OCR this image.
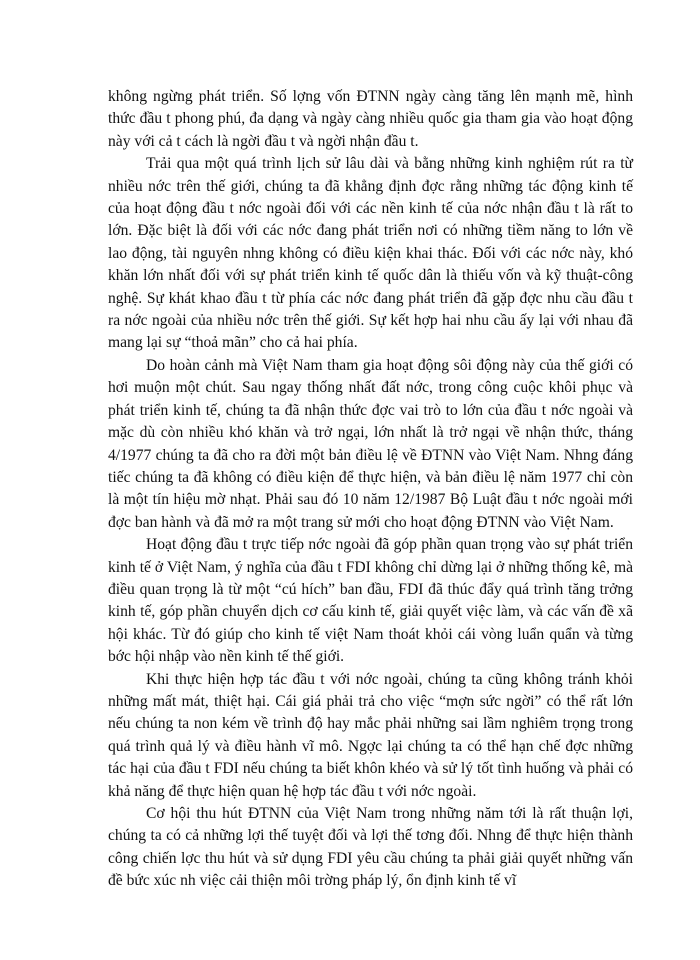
không ngừng phát triển. Số lợng vốn ĐTNN ngày càng tăng lên mạnh mẽ, hình thức đầu t phong phú, đa dạng và ngày càng nhiều quốc gia tham gia vào hoạt động này với cả t cách là ngời đầu t và ngời nhận đầu t.

Trải qua một quá trình lịch sử lâu dài và bằng những kinh nghiệm rút ra từ nhiều nớc trên thế giới, chúng ta đã khẳng định đợc rằng những tác động kinh tế của hoạt động đầu t nớc ngoài đối với các nền kinh tế của nớc nhận đầu t là rất to lớn. Đặc biệt là đối với các nớc đang phát triển nơi có những tiềm năng to lớn về lao động, tài nguyên nhng không có điều kiện khai thác. Đối với các nớc này, khó khăn lớn nhất đối với sự phát triển kinh tế quốc dân là thiếu vốn và kỹ thuật-công nghệ. Sự khát khao đầu t từ phía các nớc đang phát triển đã gặp đợc nhu cầu đầu t ra nớc ngoài của nhiều nớc trên thế giới. Sự kết hợp hai nhu cầu ấy lại với nhau đã mang lại sự “thoả mãn” cho cả hai phía.

Do hoàn cảnh mà Việt Nam tham gia hoạt động sôi động này của thế giới có hơi muộn một chút. Sau ngay thống nhất đất nớc, trong công cuộc khôi phục và phát triển kinh tế, chúng ta đã nhận thức đợc vai trò to lớn của đầu t nớc ngoài và mặc dù còn nhiều khó khăn và trở ngại, lớn nhất là trở ngại về nhận thức, tháng 4/1977 chúng ta đã cho ra đời một bản điều lệ về ĐTNN vào Việt Nam. Nhng đáng tiếc chúng ta đã không có điều kiện để thực hiện, và bản điều lệ năm 1977 chỉ còn là một tín hiệu mờ nhạt. Phải sau đó 10 năm 12/1987 Bộ Luật đầu t nớc ngoài mới đợc ban hành và đã mở ra một trang sử mới cho hoạt động ĐTNN vào Việt Nam.

Hoạt động đầu t trực tiếp nớc ngoài đã góp phần quan trọng vào sự phát triển kinh tế ở Việt Nam, ý nghĩa của đầu t FDI không chỉ dừng lại ở những thống kê, mà điều quan trọng là từ một “cú hích” ban đầu, FDI đã thúc đẩy quá trình tăng trởng kinh tế, góp phần chuyển dịch cơ cấu kinh tế, giải quyết việc làm, và các vấn đề xã hội khác. Từ đó giúp cho kinh tế việt Nam thoát khỏi cái vòng luẩn quẩn và từng bớc hội nhập vào nền kinh tế thế giới.

Khi thực hiện hợp tác đầu t với nớc ngoài, chúng ta cũng không tránh khỏi những mất mát, thiệt hại. Cái giá phải trả cho việc “mợn sức ngời” có thể rất lớn nếu chúng ta non kém về trình độ hay mắc phải những sai lầm nghiêm trọng trong quá trình quả lý và điều hành vĩ mô. Ngợc lại chúng ta có thể hạn chế đợc những tác hại của đầu t FDI nếu chúng ta biết khôn khéo và sử lý tốt tình huống và phải có khả năng để thực hiện quan hệ hợp tác đầu t với nớc ngoài.

Cơ hội thu hút ĐTNN của Việt Nam trong những năm tới là rất thuận lợi, chúng ta có cả những lợi thế tuyệt đối và lợi thế tơng đối. Nhng để thực hiện thành công chiến lợc thu hút và sử dụng FDI yêu cầu chúng ta phải giải quyết những vấn đề bức xúc nh việc cải thiện môi trờng pháp lý, ổn định kinh tế vĩ
